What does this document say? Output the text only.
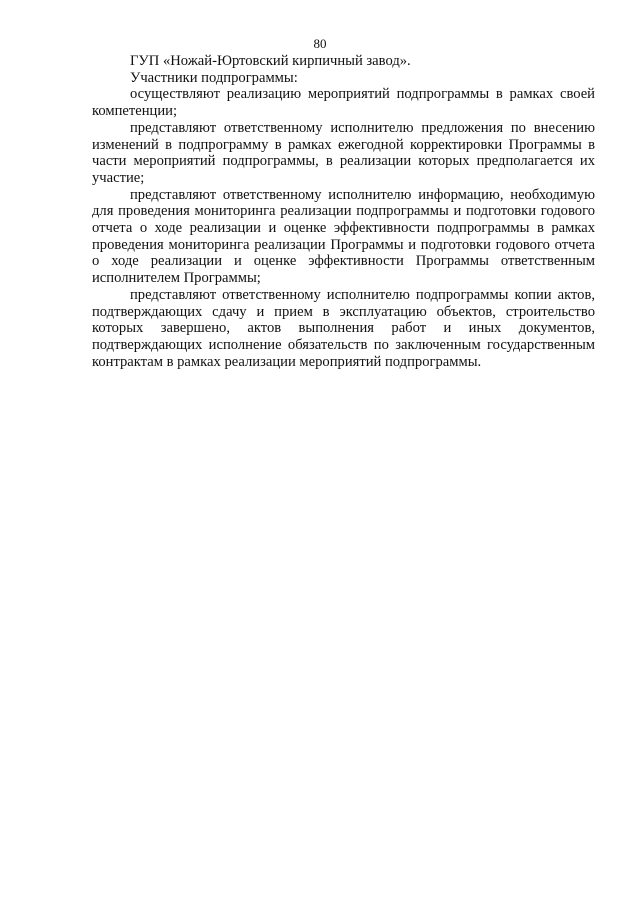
80

ГУП «Ножай-Юртовский кирпичный завод».

Участники подпрограммы:

осуществляют реализацию мероприятий подпрограммы в рамках своей компетенции;

представляют ответственному исполнителю предложения по внесению изменений в подпрограмму в рамках ежегодной корректировки Программы в части мероприятий подпрограммы, в реализации которых предполагается их участие;

представляют ответственному исполнителю информацию, необходимую для проведения мониторинга реализации подпрограммы и подготовки годового отчета о ходе реализации и оценке эффективности подпрограммы в рамках проведения мониторинга реализации Программы и подготовки годового отчета о ходе реализации и оценке эффективности Программы ответственным исполнителем Программы;

представляют ответственному исполнителю подпрограммы копии актов, подтверждающих сдачу и прием в эксплуатацию объектов, строительство которых завершено, актов выполнения работ и иных документов, подтверждающих исполнение обязательств по заключенным государственным контрактам в рамках реализации мероприятий подпрограммы.
